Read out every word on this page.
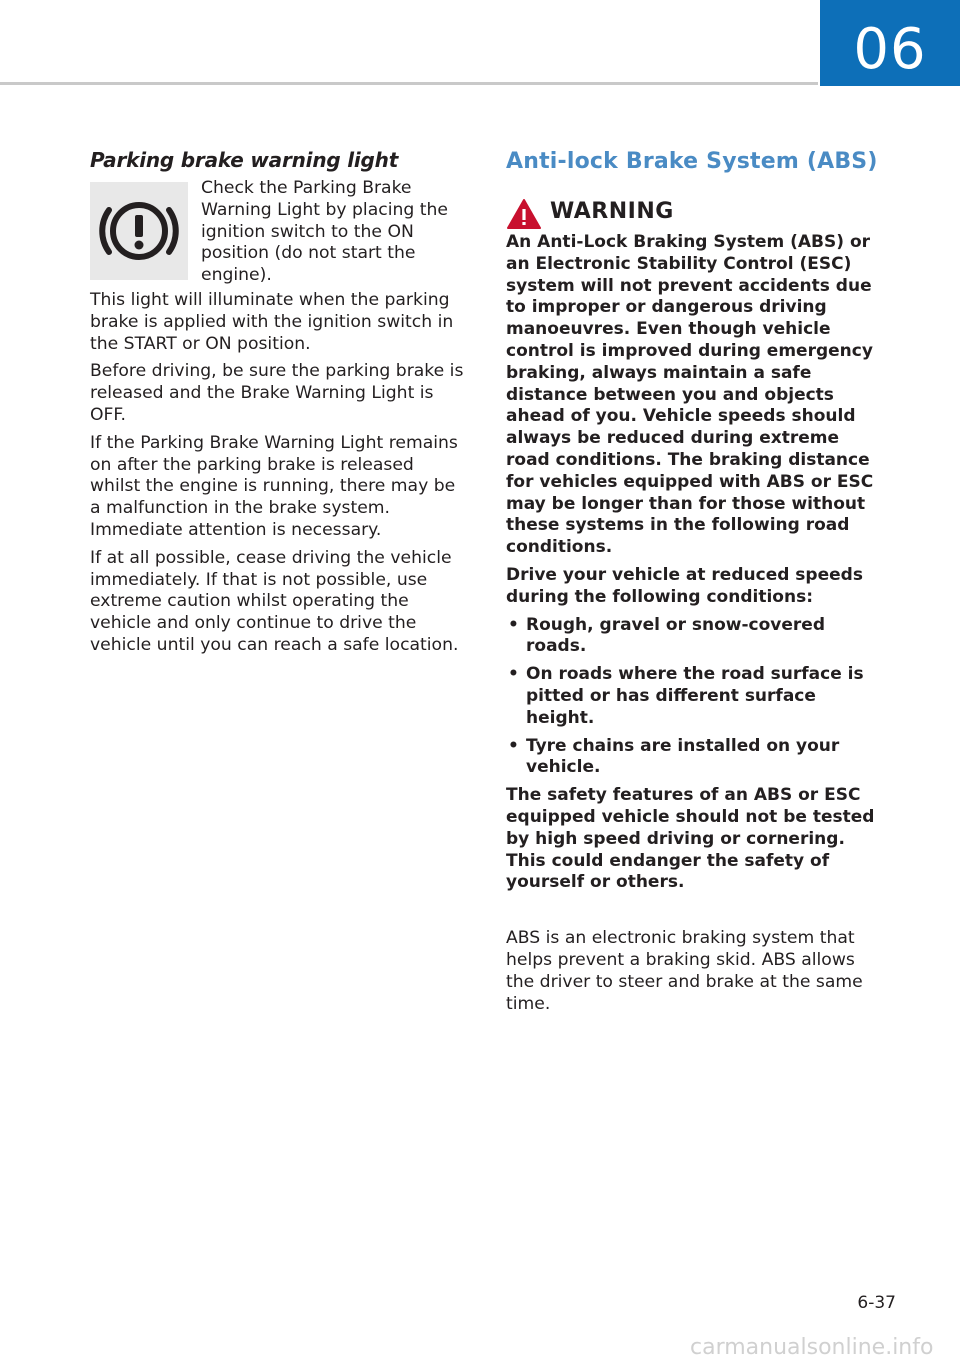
06
Parking brake warning light
Check the Parking Brake Warning Light by placing the ignition switch to the ON position (do not start the engine).
This light will illuminate when the parking brake is applied with the ignition switch in the START or ON position.
Before driving, be sure the parking brake is released and the Brake Warning Light is OFF.
If the Parking Brake Warning Light remains on after the parking brake is released whilst the engine is running, there may be a malfunction in the brake system. Immediate attention is necessary.
If at all possible, cease driving the vehicle immediately. If that is not possible, use extreme caution whilst operating the vehicle and only continue to drive the vehicle until you can reach a safe location.
Anti-lock Brake System (ABS)
WARNING
An Anti-Lock Braking System (ABS) or an Electronic Stability Control (ESC) system will not prevent accidents due to improper or dangerous driving manoeuvres. Even though vehicle control is improved during emergency braking, always maintain a safe distance between you and objects ahead of you. Vehicle speeds should always be reduced during extreme road conditions. The braking distance for vehicles equipped with ABS or ESC may be longer than for those without these systems in the following road conditions.
Drive your vehicle at reduced speeds during the following conditions:
• Rough, gravel or snow-covered roads.
• On roads where the road surface is pitted or has different surface height.
• Tyre chains are installed on your vehicle.
The safety features of an ABS or ESC equipped vehicle should not be tested by high speed driving or cornering. This could endanger the safety of yourself or others.
ABS is an electronic braking system that helps prevent a braking skid. ABS allows the driver to steer and brake at the same time.
6-37
carmanualsonline.info
